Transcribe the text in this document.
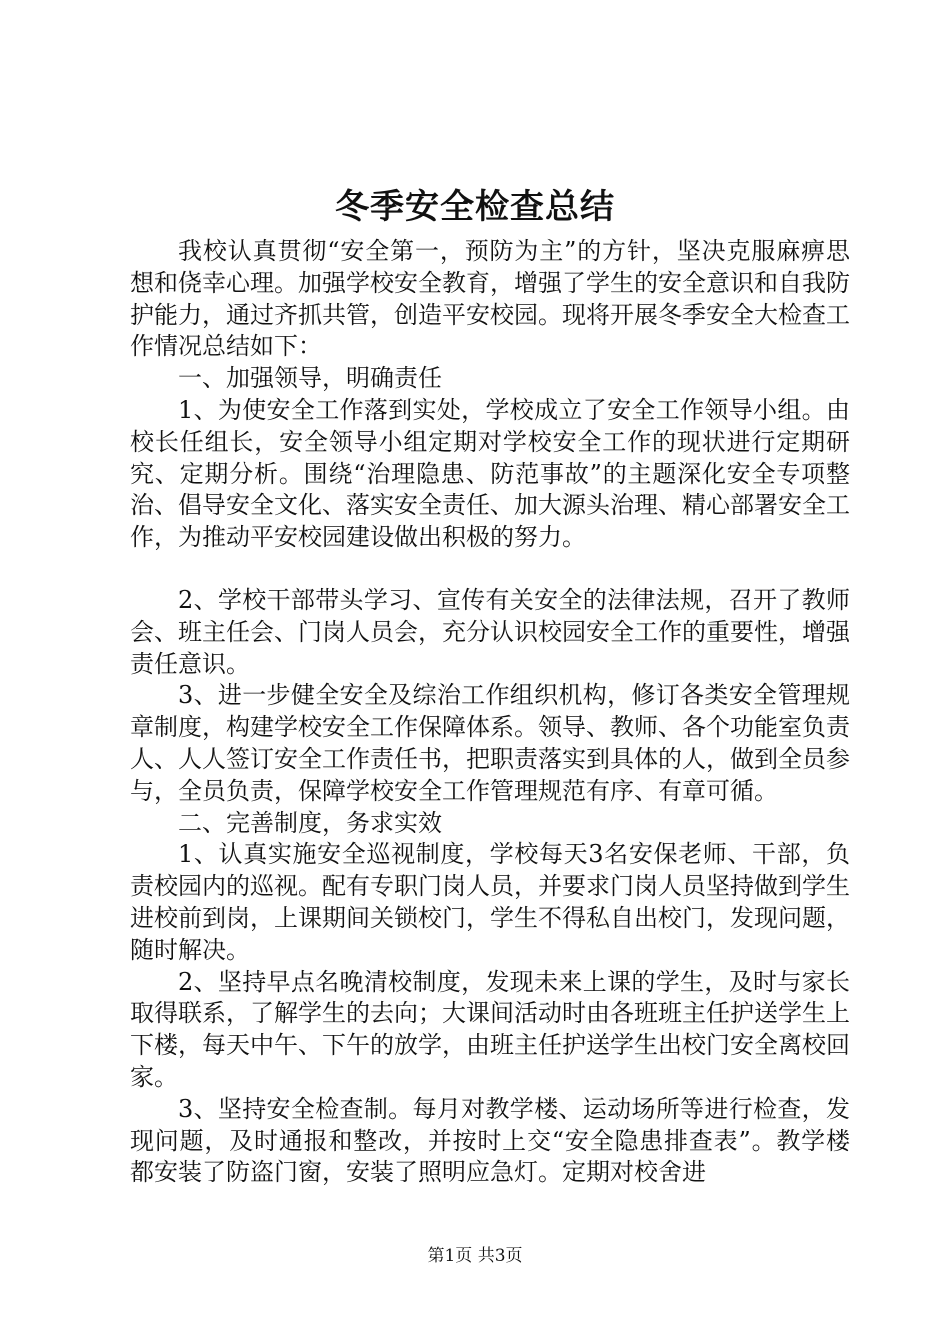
冬季安全检查总结

我校认真贯彻“安全第一，预防为主”的方针，坚决克服麻痹思想和侥幸心理。加强学校安全教育，增强了学生的安全意识和自我防护能力，通过齐抓共管，创造平安校园。现将开展冬季安全大检查工作情况总结如下：

一、加强领导，明确责任

1、为使安全工作落到实处，学校成立了安全工作领导小组。由校长任组长，安全领导小组定期对学校安全工作的现状进行定期研究、定期分析。围绕“治理隐患、防范事故”的主题深化安全专项整治、倡导安全文化、落实安全责任、加大源头治理、精心部署安全工作，为推动平安校园建设做出积极的努力。

2、学校干部带头学习、宣传有关安全的法律法规，召开了教师会、班主任会、门岗人员会，充分认识校园安全工作的重要性，增强责任意识。

3、进一步健全安全及综治工作组织机构，修订各类安全管理规章制度，构建学校安全工作保障体系。领导、教师、各个功能室负责人、人人签订安全工作责任书，把职责落实到具体的人，做到全员参与，全员负责，保障学校安全工作管理规范有序、有章可循。

二、完善制度，务求实效

1、认真实施安全巡视制度，学校每天3名安保老师、干部，负责校园内的巡视。配有专职门岗人员，并要求门岗人员坚持做到学生进校前到岗，上课期间关锁校门，学生不得私自出校门，发现问题，随时解决。

2、坚持早点名晚清校制度，发现未来上课的学生，及时与家长取得联系，了解学生的去向；大课间活动时由各班班主任护送学生上下楼，每天中午、下午的放学，由班主任护送学生出校门安全离校回家。

3、坚持安全检查制。每月对教学楼、运动场所等进行检查，发现问题，及时通报和整改，并按时上交“安全隐患排查表”。教学楼都安装了防盗门窗，安装了照明应急灯。定期对校舍进

第1页 共3页
